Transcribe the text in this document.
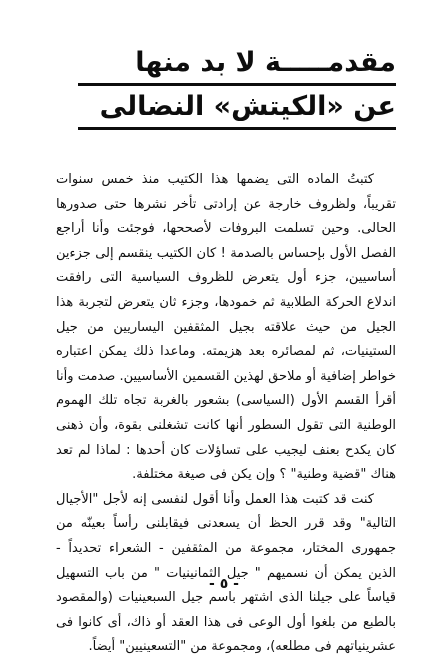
مقدمـــــة لا بد منها
عن «الكيتش» النضالى

كتبتُ الماده التى يضمها هذا الكتيب منذ خمس سنوات تقريباً، ولظروف خارجة عن إرادتى تأخر نشرها حتى صدورها الحالى. وحين تسلمت البروفات لأصححها، فوجئت وأنا أراجع الفصل الأول بإحساس بالصدمة ! كان الكتيب ينقسم إلى جزءين أساسيين، جزء أول يتعرض للظروف السياسية التى رافقت اندلاع الحركة الطلابية ثم خمودها، وجزء ثان يتعرض لتجربة هذا الجيل من حيث علاقته بجيل المثقفين اليساريين من جيل الستينيات، ثم لمصائره بعد هزيمته. وماعدا ذلك يمكن اعتباره خواطر إضافية أو ملاحق لهذين القسمين الأساسيين. صدمت وأنا أقرأ القسم الأول (السياسى) بشعور بالغربة تجاه تلك الهموم الوطنية التى تقول السطور أنها كانت تشغلنى بقوة، وأن ذهنى كان يكدح بعنف ليجيب على تساؤلات كان أحدها : لماذا لم تعد هناك "قضية وطنية" ؟ وإن يكن فى صيغة مختلفة.

كنت قد كتبت هذا العمل وأنا أقول لنفسى إنه لأجل "الأجيال التالية" وقد قرر الحظ أن يسعدنى فيقابلنى رأساً بعينّه من جمهورى المختار، مجموعة من المثقفين - الشعراء تحديداً - الذين يمكن أن نسميهم " جيل الثمانينيات " من باب التسهيل قياساً على جيلنا الذى اشتهر باسم جيل السبعينيات (والمقصود بالطبع من بلغوا أول الوعى فى هذا العقد أو ذاك، أى كانوا فى عشرينياتهم فى مطلعه)، ومجموعة من "التسعينيين" أيضاً.

- ٥ -
